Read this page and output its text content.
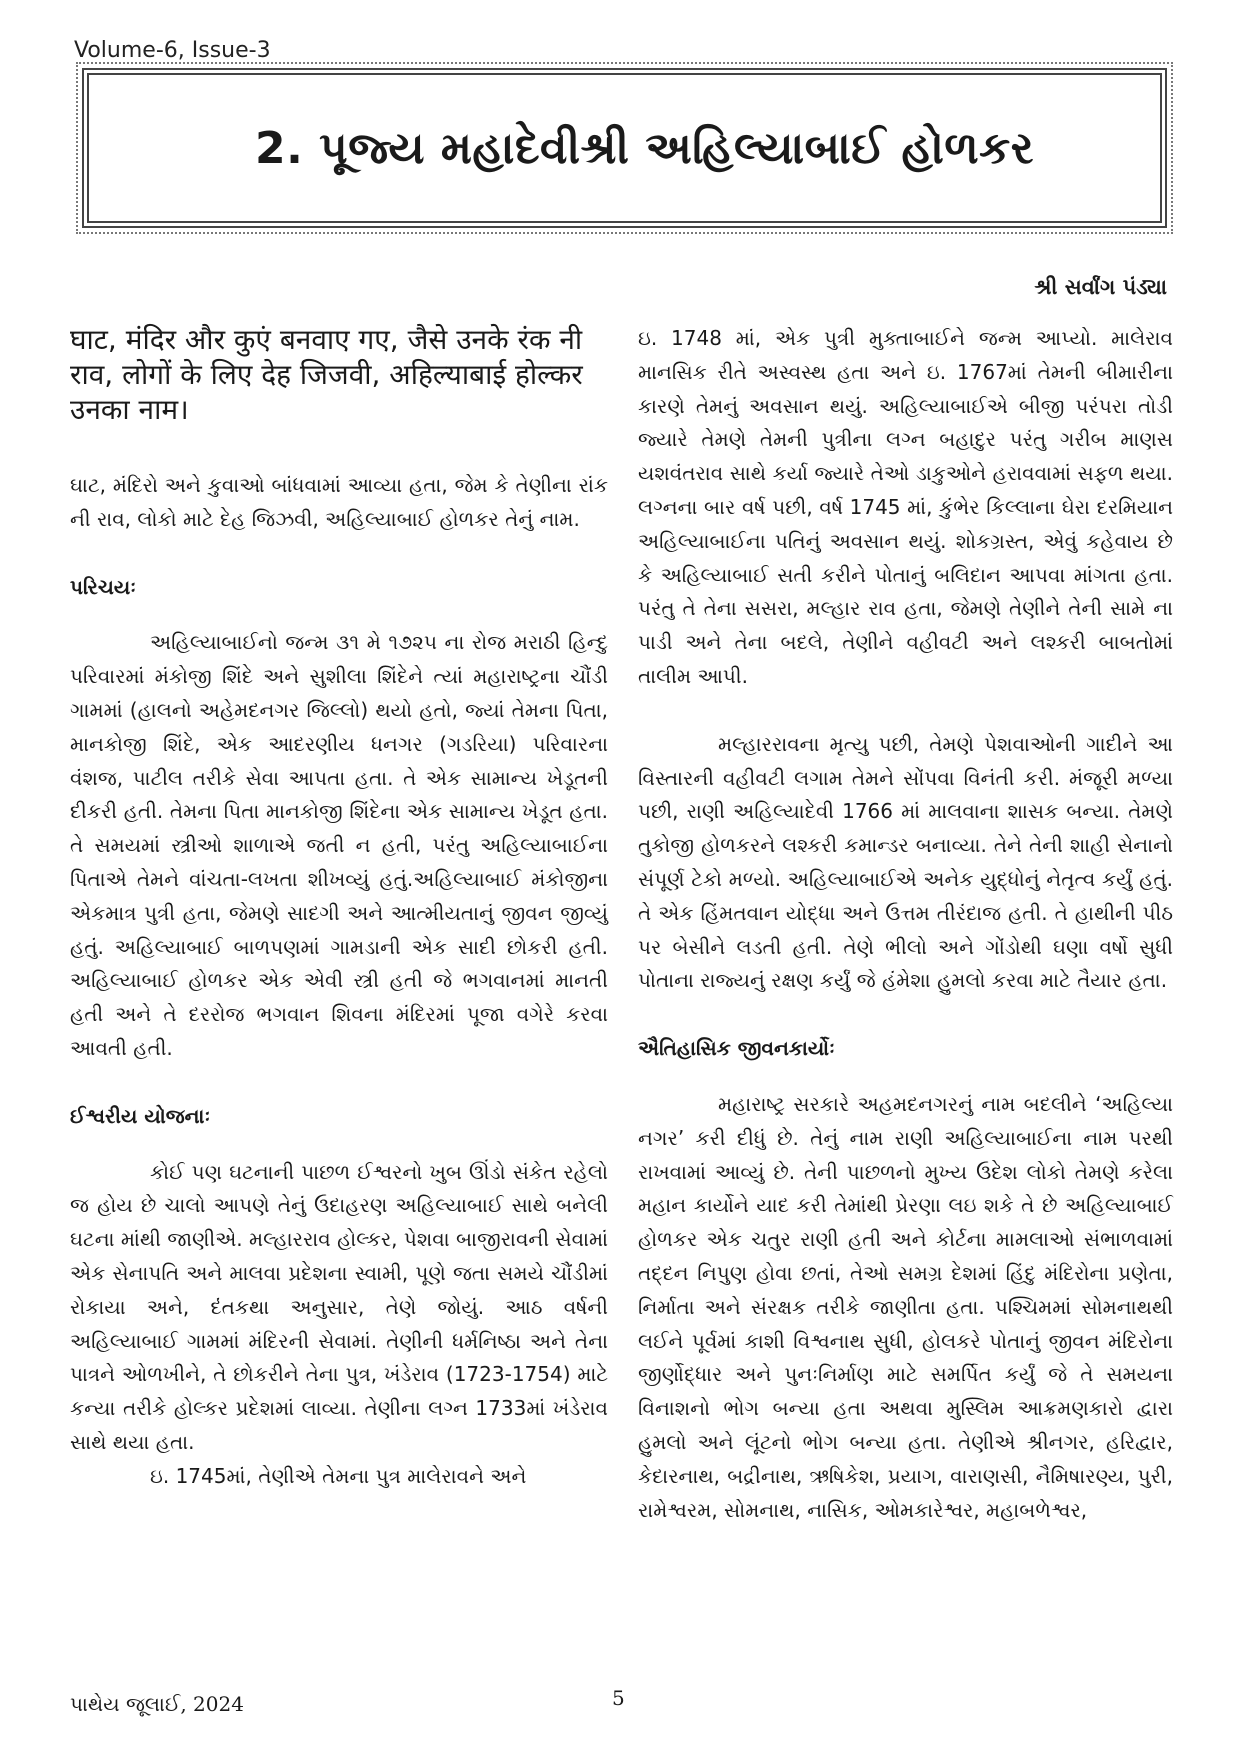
Volume-6, Issue-3
2. પૂજ્ય મહાદેવીશ્રી અહિલ્યાબાઈ હોળકર
શ્રી સર્વાંગ પંડ્યા

घाट, मंदिर और कुएं बनवाए गए, जैसे उनके रंक नी राव, लोगों के लिए देह जिजवी, अहिल्याबाई होल्कर उनका नाम।

ઘાટ, મંદિરો અને કુવાઓ બાંધવામાં આવ્યા હતા, જેમ કે તેણીના રાંક ની રાવ, લોકો માટે દેહ જિઝવી, અહિલ્યાબાઈ હોળકર તેનું નામ.

પરિચયઃ

અહિલ્યાબાઈનો જન્મ ૩૧ મે ૧૭૨૫ ના રોજ મરાઠી હિન્દુ પરિવારમાં મંકોજી શિંદે અને સુશીલા શિંદેને ત્યાં મહારાષ્ટ્રના ચૌંડી ગામમાં (હાલનો અહેમદનગર જિલ્લો) થયો હતો, જ્યાં તેમના પિતા, માનકોજી શિંદે, એક આદરણીય ધનગર (ગડરિયા) પરિવારના વંશજ, પાટીલ તરીકે સેવા આપતા હતા. તે એક સામાન્ય ખેડૂતની દીકરી હતી. તેમના પિતા માનકોજી શિંદેના એક સામાન્ય ખેડૂત હતા. તે સમયમાં સ્ત્રીઓ શાળાએ જતી ન હતી, પરંતુ અહિલ્યાબાઈના પિતાએ તેમને વાંચતા-લખતા શીખવ્યું હતું.અહિલ્યાબાઈ મંકોજીના એકમાત્ર પુત્રી હતા, જેમણે સાદગી અને આત્મીયતાનું જીવન જીવ્યું હતું. અહિલ્યાબાઈ બાળપણમાં ગામડાની એક સાદી છોકરી હતી. અહિલ્યાબાઈ હોળકર એક એવી સ્ત્રી હતી જે ભગવાનમાં માનતી હતી અને તે દરરોજ ભગવાન શિવના મંદિરમાં પૂજા વગેરે કરવા આવતી હતી.

ઈશ્વરીય યોજનાઃ

કોઈ પણ ઘટનાની પાછળ ઈશ્વરનો ખુબ ઊંડો સંકેત રહેલો જ હોય છે ચાલો આપણે તેનું ઉદાહરણ અહિલ્યાબાઈ સાથે બનેલી ઘટના માંથી જાણીએ. મલ્હારરાવ હોલ્કર, પેશવા બાજીરાવની સેવામાં એક સેનાપતિ અને માલવા પ્રદેશના સ્વામી, પૂણે જતા સમયે ચૌંડીમાં રોકાયા અને, દંતકથા અનુસાર, તેણે જોયું. આઠ વર્ષની અહિલ્યાબાઈ ગામમાં મંદિરની સેવામાં. તેણીની ધર્મનિષ્ઠા અને તેના પાત્રને ઓળખીને, તે છોકરીને તેના પુત્ર, ખંડેરાવ (1723-1754) માટે કન્યા તરીકે હોલ્કર પ્રદેશમાં લાવ્યા. તેણીના લગ્ન 1733માં ખંડેરાવ સાથે થયા હતા.

ઇ. 1745માં, તેણીએ તેમના પુત્ર માલેરાવને અને

ઇ. 1748 માં, એક પુત્રી મુક્તાબાઈને જન્મ આપ્યો. માલેરાવ માનસિક રીતે અસ્વસ્થ હતા અને ઇ. 1767માં તેમની બીમારીના કારણે તેમનું અવસાન થયું. અહિલ્યાબાઈએ બીજી પરંપરા તોડી જ્યારે તેમણે તેમની પુત્રીના લગ્ન બહાદુર પરંતુ ગરીબ માણસ યશવંતરાવ સાથે કર્યા જ્યારે તેઓ ડાકુઓને હરાવવામાં સફળ થયા. લગ્નના બાર વર્ષ પછી, વર્ષ 1745 માં, કુંભેર કિલ્લાના ઘેરા દરમિયાન અહિલ્યાબાઈના પતિનું અવસાન થયું. શોકગ્રસ્ત, એવું કહેવાય છે કે અહિલ્યાબાઈ સતી કરીને પોતાનું બલિદાન આપવા માંગતા હતા. પરંતુ તે તેના સસરા, મલ્હાર રાવ હતા, જેમણે તેણીને તેની સામે ના પાડી અને તેના બદલે, તેણીને વહીવટી અને લશ્કરી બાબતોમાં તાલીમ આપી.

મલ્હારરાવના મૃત્યુ પછી, તેમણે પેશવાઓની ગાદીને આ વિસ્તારની વહીવટી લગામ તેમને સોંપવા વિનંતી કરી. મંજૂરી મળ્યા પછી, રાણી અહિલ્યાદેવી 1766 માં માલવાના શાસક બન્યા. તેમણે તુકોજી હોળકરને લશ્કરી કમાન્ડર બનાવ્યા. તેને તેની શાહી સેનાનો સંપૂર્ણ ટેકો મળ્યો. અહિલ્યાબાઈએ અનેક યુદ્ધોનું નેતૃત્વ કર્યું હતું. તે એક હિંમતવાન યોદ્ધા અને ઉત્તમ તીરંદાજ હતી. તે હાથીની પીઠ પર બેસીને લડતી હતી. તેણે ભીલો અને ગોંડોથી ઘણા વર્ષો સુધી પોતાના રાજ્યનું રક્ષણ કર્યું જે હંમેશા હુમલો કરવા માટે તૈયાર હતા.

ઐતિહાસિક જીવનકાર્યોઃ

મહારાષ્ટ્ર સરકારે અહમદનગરનું નામ બદલીને ‘અહિલ્યા નગર’ કરી દીધું છે. તેનું નામ રાણી અહિલ્યાબાઈના નામ પરથી રાખવામાં આવ્યું છે. તેની પાછળનો મુખ્ય ઉદેશ લોકો તેમણે કરેલા મહાન કાર્યોને યાદ કરી તેમાંથી પ્રેરણા લઇ શકે તે છે અહિલ્યાબાઈ હોળકર એક ચતુર રાણી હતી અને કોર્ટના મામલાઓ સંભાળવામાં તદ્દન નિપુણ હોવા છતાં, તેઓ સમગ્ર દેશમાં હિંદુ મંદિરોના પ્રણેતા, નિર્માતા અને સંરક્ષક તરીકે જાણીતા હતા. પશ્ચિમમાં સોમનાથથી લઈને પૂર્વમાં કાશી વિશ્વનાથ સુધી, હોલકરે પોતાનું જીવન મંદિરોના જીર્ણોદ્ધાર અને પુનઃનિર્માણ માટે સમર્પિત કર્યું જે તે સમયના વિનાશનો ભોગ બન્યા હતા અથવા મુસ્લિમ આક્રમણકારો દ્વારા હુમલો અને લૂંટનો ભોગ બન્યા હતા. તેણીએ શ્રીનગર, હરિદ્વાર, કેદારનાથ, બદ્રીનાથ, ઋષિકેશ, પ્રયાગ, વારાણસી, નૈમિષારણ્ય, પુરી, રામેશ્વરમ, સોમનાથ, નાસિક, ઓમકારેશ્વર, મહાબળેશ્વર,

પાથેય જૂલાઈ, 2024	5
